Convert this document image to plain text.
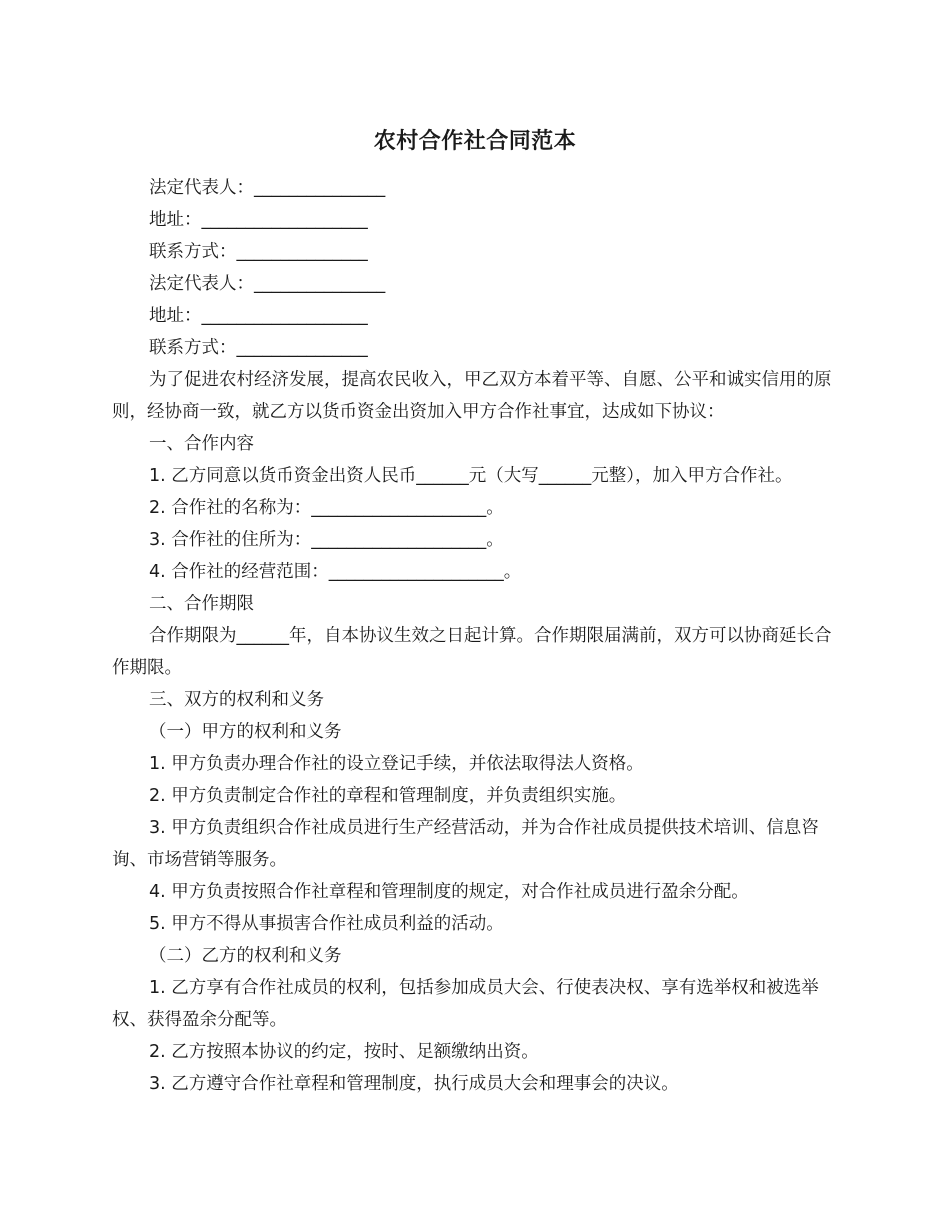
农村合作社合同范本

法定代表人：_______________

地址：___________________

联系方式：_______________

法定代表人：_______________

地址：___________________

联系方式：_______________

为了促进农村经济发展，提高农民收入，甲乙双方本着平等、自愿、公平和诚实信用的原则，经协商一致，就乙方以货币资金出资加入甲方合作社事宜，达成如下协议：

一、合作内容

1. 乙方同意以货币资金出资人民币______元（大写______元整），加入甲方合作社。

2. 合作社的名称为：____________________。

3. 合作社的住所为：____________________。

4. 合作社的经营范围：____________________。

二、合作期限

合作期限为______年，自本协议生效之日起计算。合作期限届满前，双方可以协商延长合作期限。

三、双方的权利和义务

（一）甲方的权利和义务

1. 甲方负责办理合作社的设立登记手续，并依法取得法人资格。

2. 甲方负责制定合作社的章程和管理制度，并负责组织实施。

3. 甲方负责组织合作社成员进行生产经营活动，并为合作社成员提供技术培训、信息咨询、市场营销等服务。

4. 甲方负责按照合作社章程和管理制度的规定，对合作社成员进行盈余分配。

5. 甲方不得从事损害合作社成员利益的活动。

（二）乙方的权利和义务

1. 乙方享有合作社成员的权利，包括参加成员大会、行使表决权、享有选举权和被选举权、获得盈余分配等。

2. 乙方按照本协议的约定，按时、足额缴纳出资。

3. 乙方遵守合作社章程和管理制度，执行成员大会和理事会的决议。
